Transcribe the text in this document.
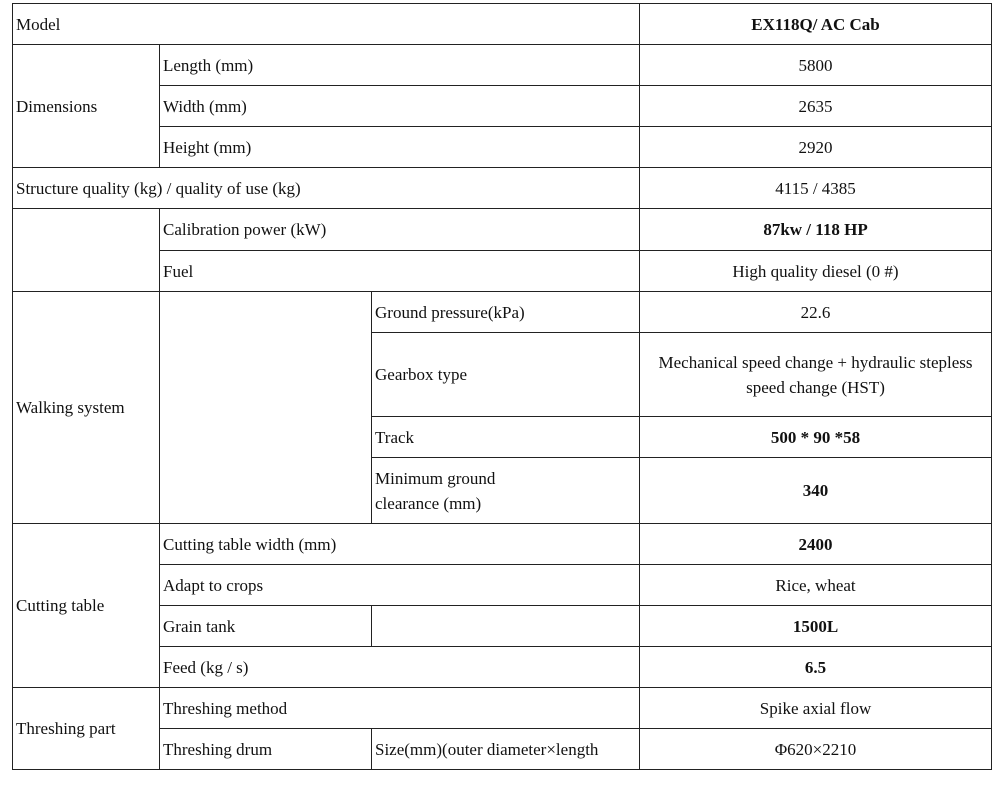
Model			EX118Q/ AC Cab
Dimensions	Length (mm)		5800
	Width (mm)		2635
	Height (mm)		2920
Structure quality (kg) / quality of use (kg)			4115 / 4385
	Calibration power (kW)		87kw / 118 HP
	Fuel		High quality diesel (0 #)
Walking system		Ground pressure(kPa)	22.6
		Gearbox type	Mechanical speed change + hydraulic stepless
speed change (HST)

		Track	500 * 90 *58

		Minimum ground
clearance (mm)	340
Cutting table	Cutting table width (mm)		2400
	Adapt to crops		Rice, wheat
	Grain tank		1500L
	Feed (kg / s)		6.5
Threshing part	Threshing method		Spike axial flow
	Threshing drum	Size(mm)(outer diameter×length	Φ620×2210
